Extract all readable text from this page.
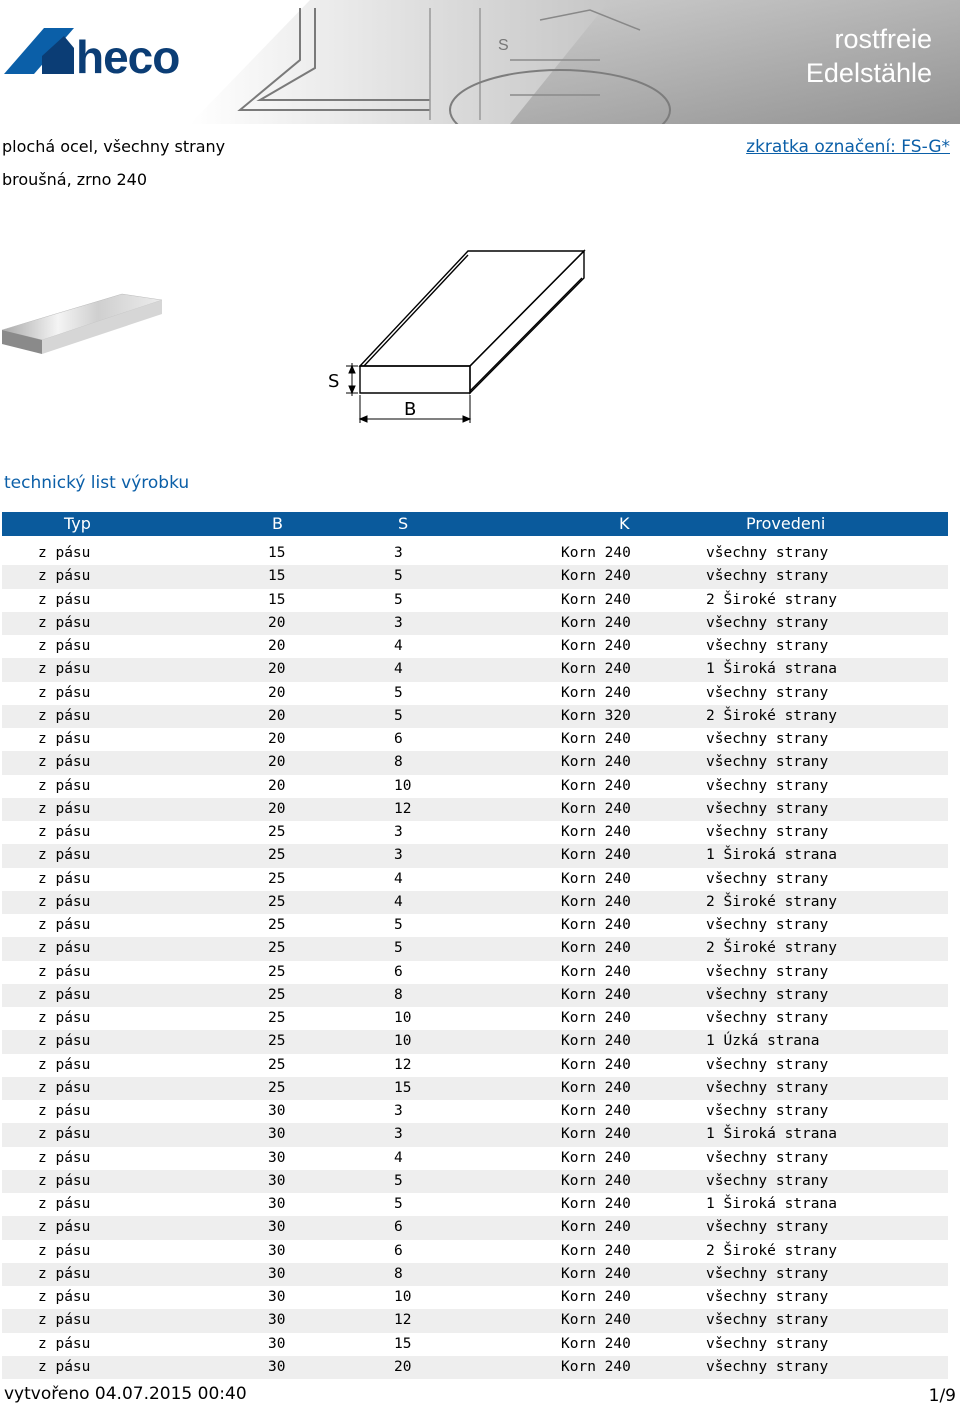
S
heco	rostfreie
Edelstähle
plochá ocel, všechny strany
broušná, zrno 240
zkratka označení: FS-G*
S
B
technický list výrobku
Typ	B	S	K	Provedeni
z pásu	15	3	Korn 240	všechny strany
z pásu	15	5	Korn 240	všechny strany
z pásu	15	5	Korn 240	2 Široké strany
z pásu	20	3	Korn 240	všechny strany
z pásu	20	4	Korn 240	všechny strany
z pásu	20	4	Korn 240	1 Široká strana
z pásu	20	5	Korn 240	všechny strany
z pásu	20	5	Korn 320	2 Široké strany
z pásu	20	6	Korn 240	všechny strany
z pásu	20	8	Korn 240	všechny strany
z pásu	20	10	Korn 240	všechny strany
z pásu	20	12	Korn 240	všechny strany
z pásu	25	3	Korn 240	všechny strany
z pásu	25	3	Korn 240	1 Široká strana
z pásu	25	4	Korn 240	všechny strany
z pásu	25	4	Korn 240	2 Široké strany
z pásu	25	5	Korn 240	všechny strany
z pásu	25	5	Korn 240	2 Široké strany
z pásu	25	6	Korn 240	všechny strany
z pásu	25	8	Korn 240	všechny strany
z pásu	25	10	Korn 240	všechny strany
z pásu	25	10	Korn 240	1 Úzká strana
z pásu	25	12	Korn 240	všechny strany
z pásu	25	15	Korn 240	všechny strany
z pásu	30	3	Korn 240	všechny strany
z pásu	30	3	Korn 240	1 Široká strana
z pásu	30	4	Korn 240	všechny strany
z pásu	30	5	Korn 240	všechny strany
z pásu	30	5	Korn 240	1 Široká strana
z pásu	30	6	Korn 240	všechny strany
z pásu	30	6	Korn 240	2 Široké strany
z pásu	30	8	Korn 240	všechny strany
z pásu	30	10	Korn 240	všechny strany
z pásu	30	12	Korn 240	všechny strany
z pásu	30	15	Korn 240	všechny strany
z pásu	30	20	Korn 240	všechny strany
vytvořeno 04.07.2015 00:40	1/9
